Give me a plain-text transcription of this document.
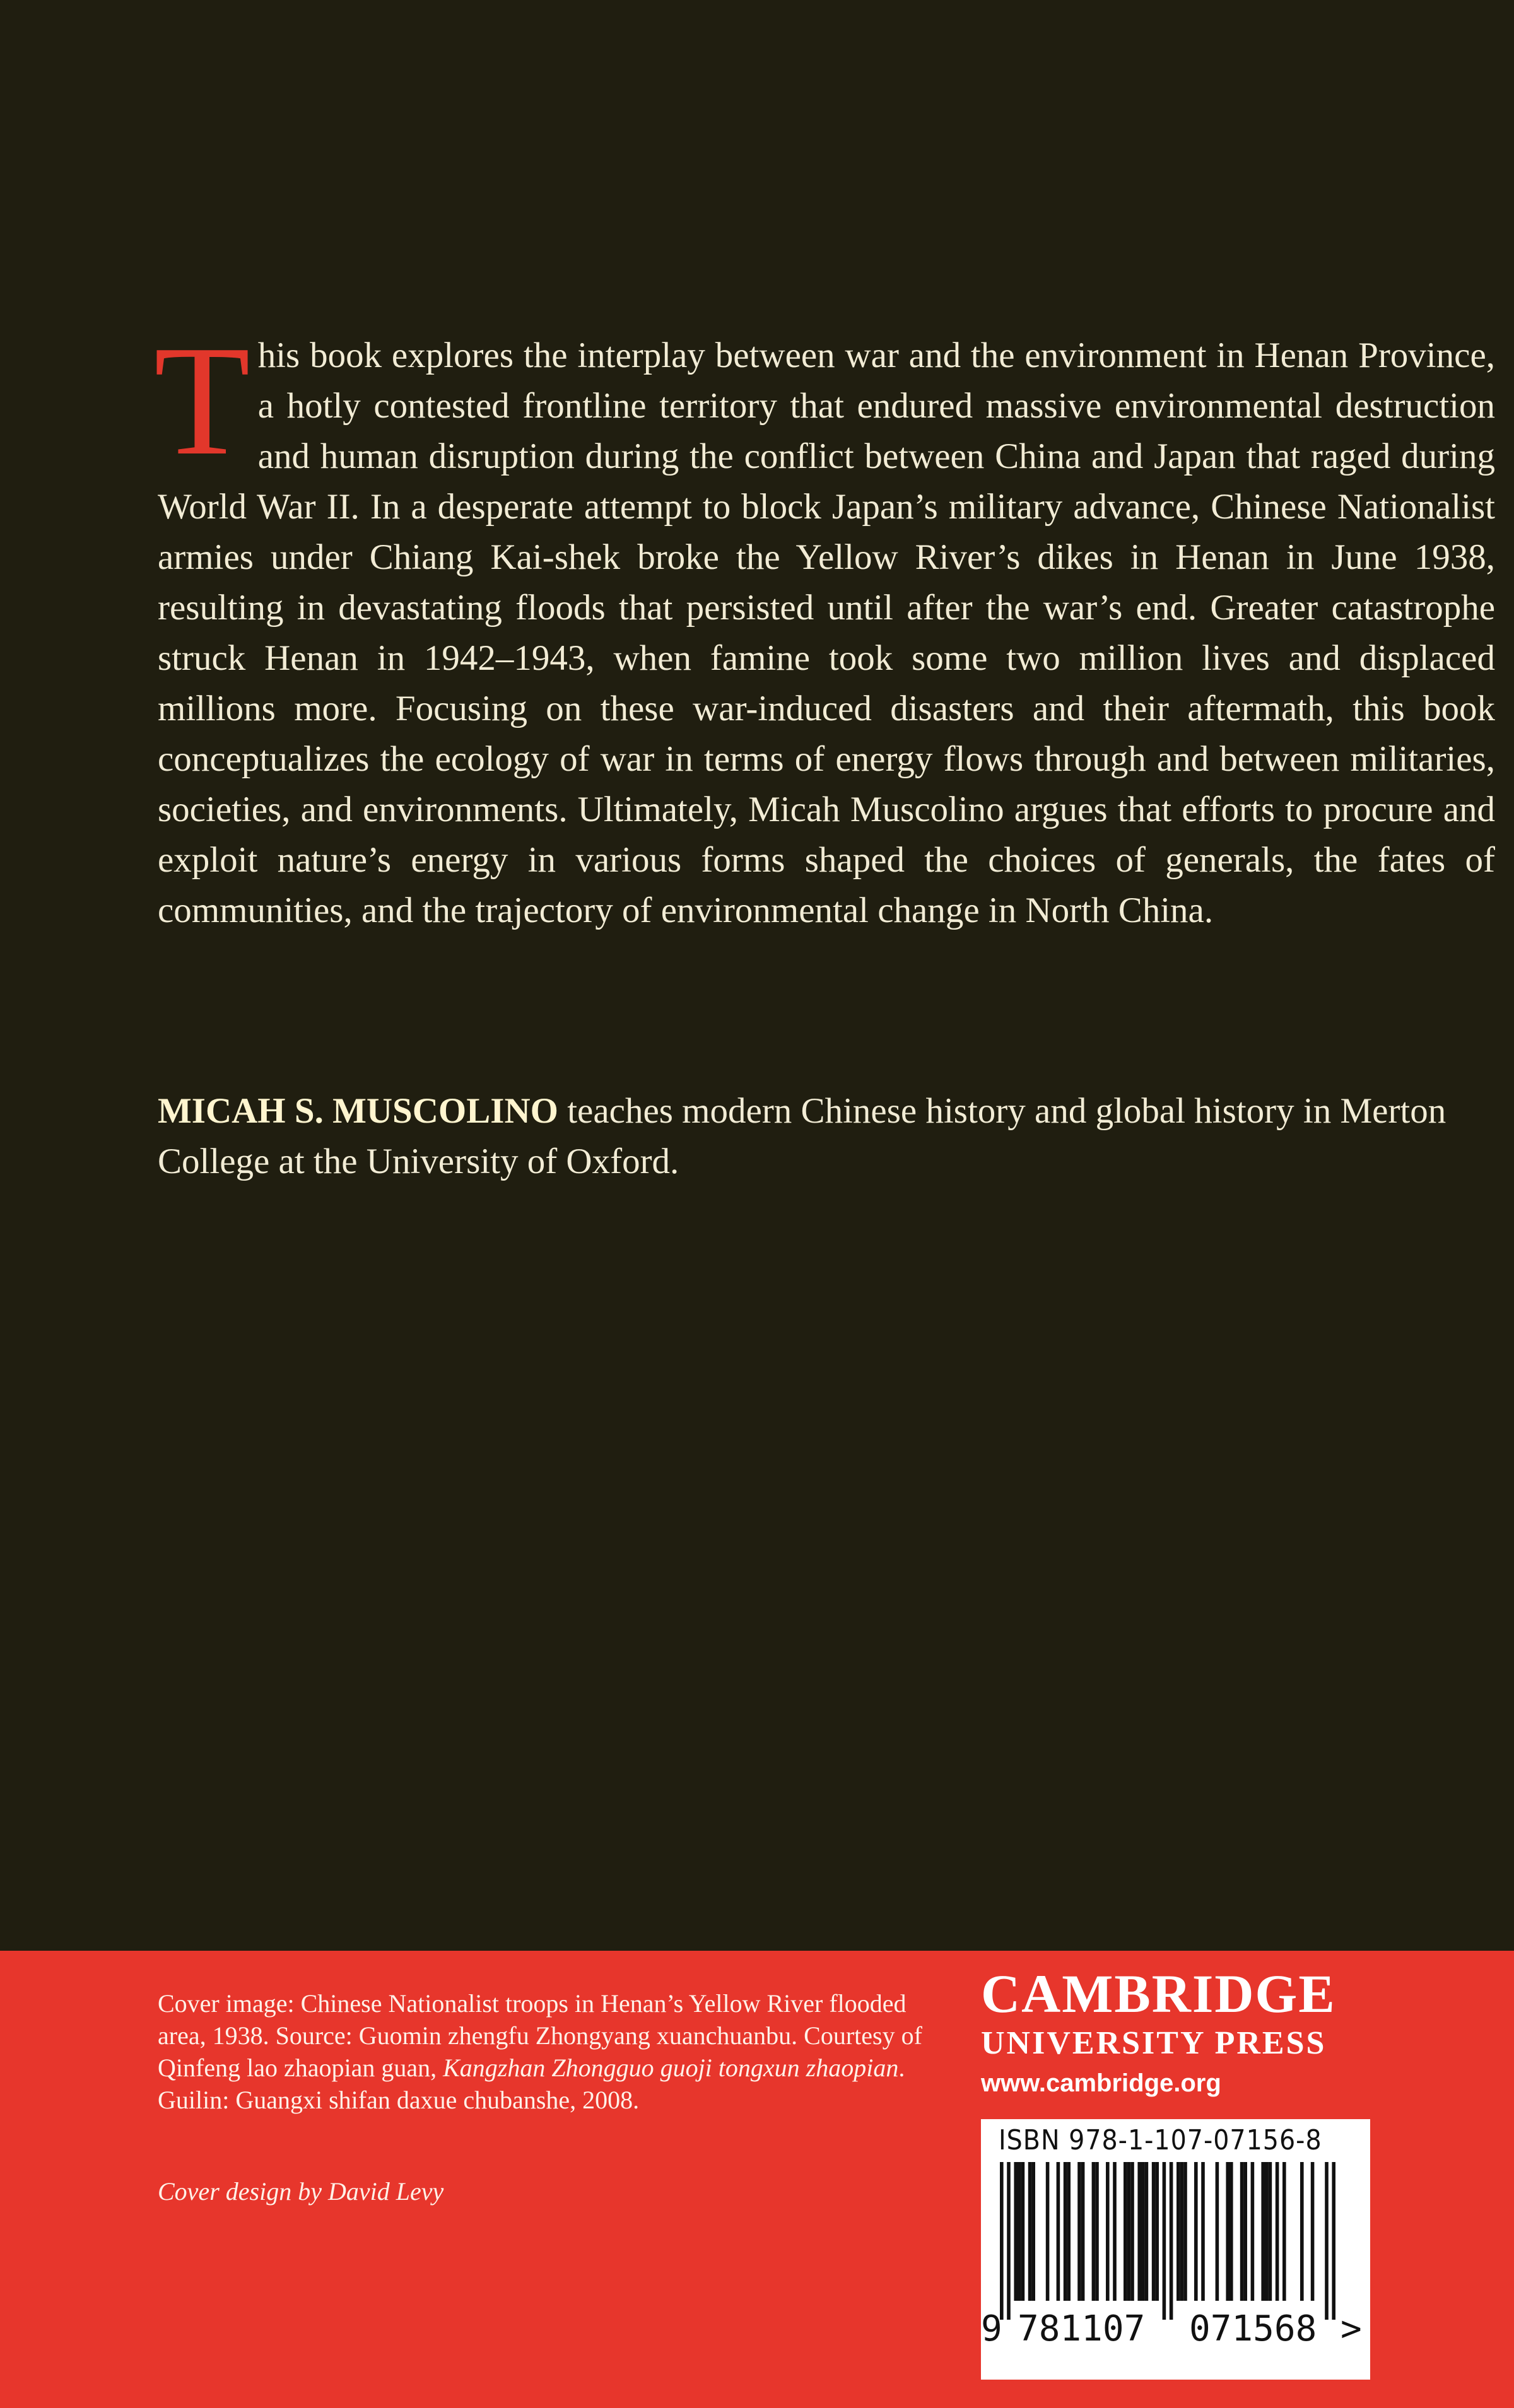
This book explores the interplay between war and the environment in Henan Province, a hotly contested frontline territory that endured massive environmental destruction and human disruption during the conflict between China and Japan that raged during World War II. In a desperate attempt to block Japan’s military advance, Chinese Nationalist armies under Chiang Kai-shek broke the Yellow River’s dikes in Henan in June 1938, resulting in devastating floods that persisted until after the war’s end. Greater catastrophe struck Henan in 1942–1943, when famine took some two million lives and displaced millions more. Focusing on these war-induced disasters and their aftermath, this book conceptualizes the ecology of war in terms of energy flows through and between militaries, societies, and environments. Ultimately, Micah Muscolino argues that efforts to procure and exploit nature’s energy in various forms shaped the choices of generals, the fates of communities, and the trajectory of environmental change in North China.

MICAH S. MUSCOLINO teaches modern Chinese history and global history in Merton College at the University of Oxford.

Cover image: Chinese Nationalist troops in Henan’s Yellow River flooded area, 1938. Source: Guomin zhengfu Zhongyang xuanchuanbu. Courtesy of Qinfeng lao zhaopian guan, Kangzhan Zhongguo guoji tongxun zhaopian. Guilin: Guangxi shifan daxue chubanshe, 2008.

Cover design by David Levy
CAMBRIDGE
UNIVERSITY PRESS
www.cambridge.org
ISBN 978-1-107-07156-8
9 781107 071568 >
